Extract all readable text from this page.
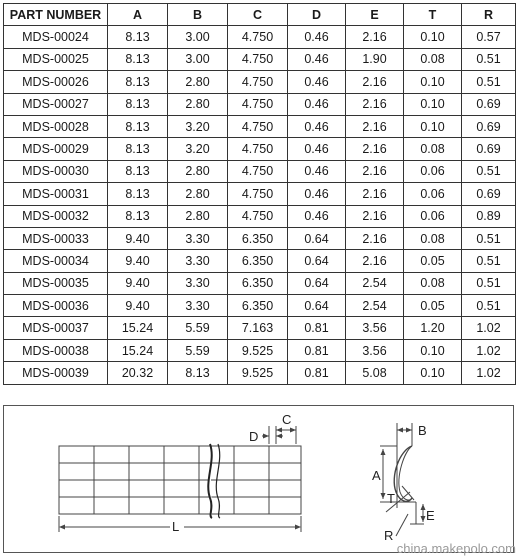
PART NUMBER	A	B	C	D	E	T	R
MDS-00024	8.13	3.00	4.750	0.46	2.16	0.10	0.57
MDS-00025	8.13	3.00	4.750	0.46	1.90	0.08	0.51
MDS-00026	8.13	2.80	4.750	0.46	2.16	0.10	0.51
MDS-00027	8.13	2.80	4.750	0.46	2.16	0.10	0.69
MDS-00028	8.13	3.20	4.750	0.46	2.16	0.10	0.69
MDS-00029	8.13	3.20	4.750	0.46	2.16	0.08	0.69
MDS-00030	8.13	2.80	4.750	0.46	2.16	0.06	0.51
MDS-00031	8.13	2.80	4.750	0.46	2.16	0.06	0.69
MDS-00032	8.13	2.80	4.750	0.46	2.16	0.06	0.89
MDS-00033	9.40	3.30	6.350	0.64	2.16	0.08	0.51
MDS-00034	9.40	3.30	6.350	0.64	2.16	0.05	0.51
MDS-00035	9.40	3.30	6.350	0.64	2.54	0.08	0.51
MDS-00036	9.40	3.30	6.350	0.64	2.54	0.05	0.51
MDS-00037	15.24	5.59	7.163	0.81	3.56	1.20	1.02
MDS-00038	15.24	5.59	9.525	0.81	3.56	0.10	1.02
MDS-00039	20.32	8.13	9.525	0.81	5.08	0.10	1.02
D
C
L
B
A
T
R
E
china.makepolo.com
